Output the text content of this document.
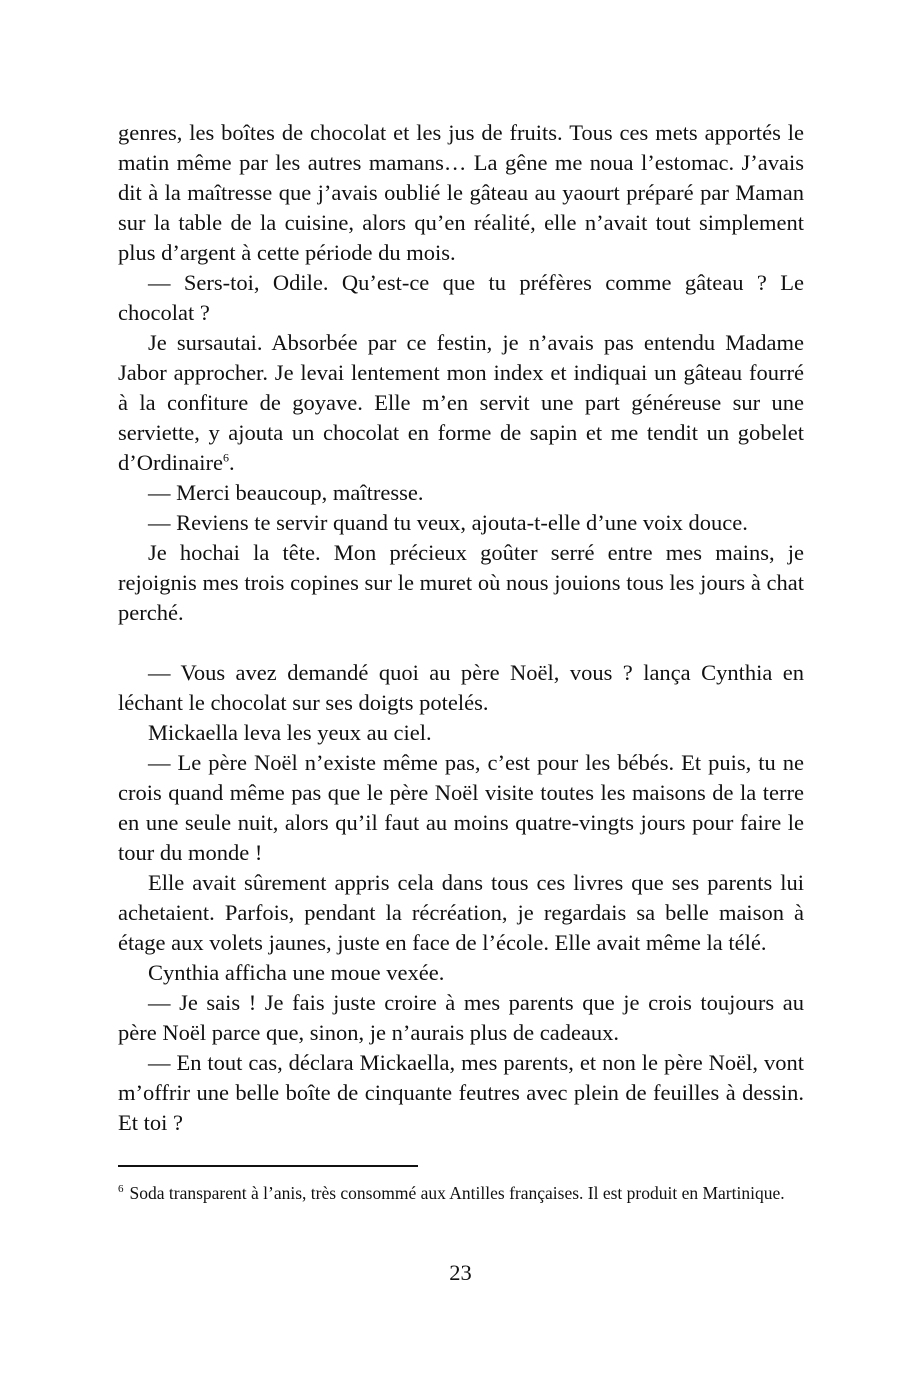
genres, les boîtes de chocolat et les jus de fruits. Tous ces mets apportés le matin même par les autres mamans… La gêne me noua l’estomac. J’avais dit à la maîtresse que j’avais oublié le gâteau au yaourt préparé par Maman sur la table de la cuisine, alors qu’en réalité, elle n’avait tout simplement plus d’argent à cette période du mois.

— Sers-toi, Odile. Qu’est-ce que tu préfères comme gâteau ? Le chocolat ?

Je sursautai. Absorbée par ce festin, je n’avais pas entendu Madame Jabor approcher. Je levai lentement mon index et indiquai un gâteau fourré à la confiture de goyave. Elle m’en servit une part généreuse sur une serviette, y ajouta un chocolat en forme de sapin et me tendit un gobelet d’Ordinaire$^6$.

— Merci beaucoup, maîtresse.

— Reviens te servir quand tu veux, ajouta-t-elle d’une voix douce.

Je hochai la tête. Mon précieux goûter serré entre mes mains, je rejoignis mes trois copines sur le muret où nous jouions tous les jours à chat perché.

— Vous avez demandé quoi au père Noël, vous ? lança Cynthia en léchant le chocolat sur ses doigts potelés.

Mickaella leva les yeux au ciel.

— Le père Noël n’existe même pas, c’est pour les bébés. Et puis, tu ne crois quand même pas que le père Noël visite toutes les maisons de la terre en une seule nuit, alors qu’il faut au moins quatre-vingts jours pour faire le tour du monde !

Elle avait sûrement appris cela dans tous ces livres que ses parents lui achetaient. Parfois, pendant la récréation, je regardais sa belle maison à étage aux volets jaunes, juste en face de l’école. Elle avait même la télé.

Cynthia afficha une moue vexée.

— Je sais ! Je fais juste croire à mes parents que je crois toujours au père Noël parce que, sinon, je n’aurais plus de cadeaux.

— En tout cas, déclara Mickaella, mes parents, et non le père Noël, vont m’offrir une belle boîte de cinquante feutres avec plein de feuilles à dessin. Et toi ?

$^6$ Soda transparent à l’anis, très consommé aux Antilles françaises. Il est produit en Martinique.
23
